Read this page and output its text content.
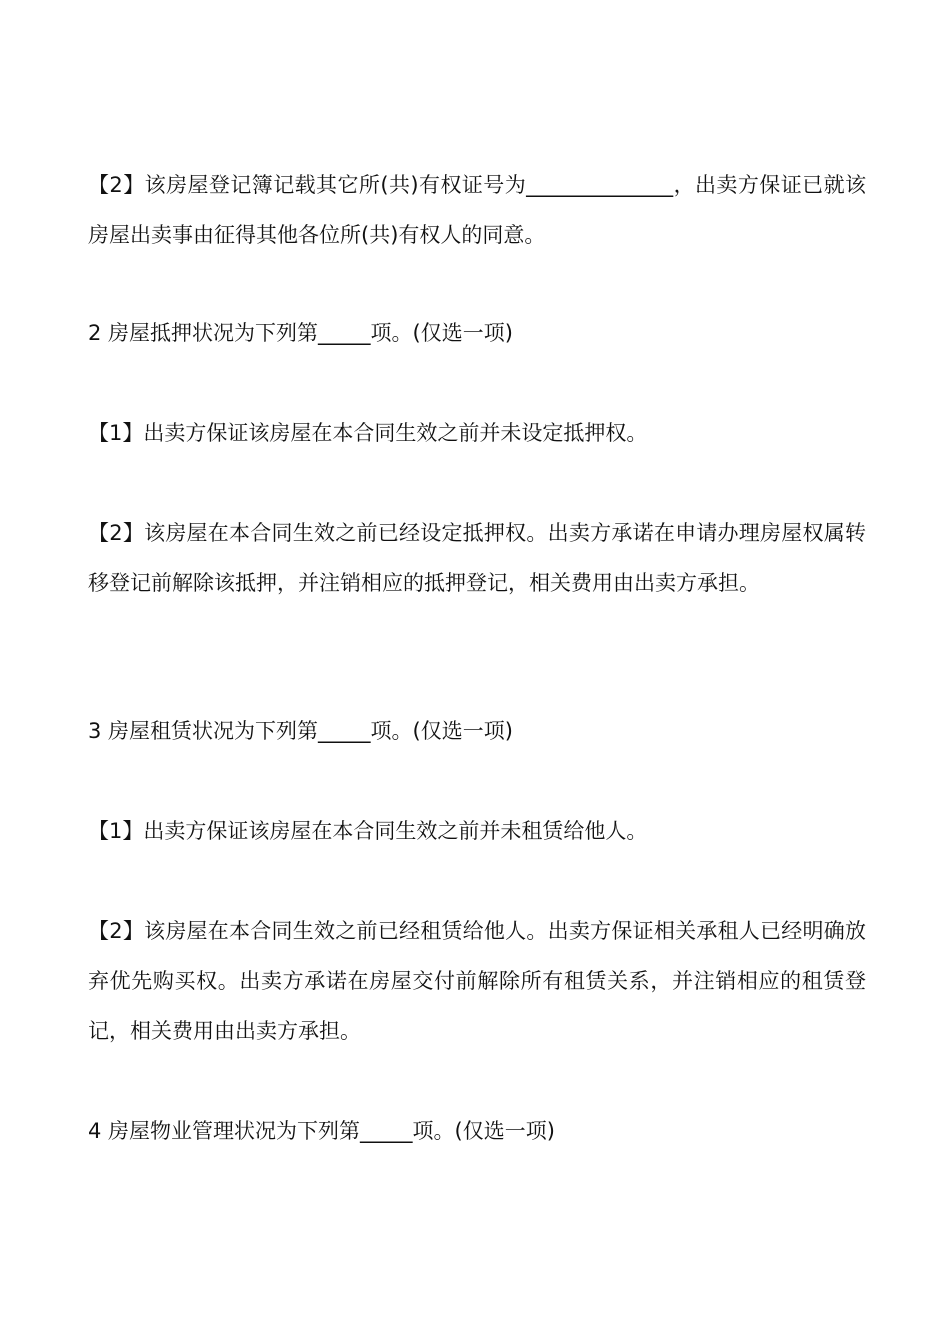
【2】该房屋登记簿记载其它所(共)有权证号为______________，出卖方保证已就该房屋出卖事由征得其他各位所(共)有权人的同意。

2 房屋抵押状况为下列第_____项。(仅选一项)

【1】出卖方保证该房屋在本合同生效之前并未设定抵押权。

【2】该房屋在本合同生效之前已经设定抵押权。出卖方承诺在申请办理房屋权属转移登记前解除该抵押，并注销相应的抵押登记，相关费用由出卖方承担。

3 房屋租赁状况为下列第_____项。(仅选一项)

【1】出卖方保证该房屋在本合同生效之前并未租赁给他人。

【2】该房屋在本合同生效之前已经租赁给他人。出卖方保证相关承租人已经明确放弃优先购买权。出卖方承诺在房屋交付前解除所有租赁关系，并注销相应的租赁登记，相关费用由出卖方承担。

4 房屋物业管理状况为下列第_____项。(仅选一项)
